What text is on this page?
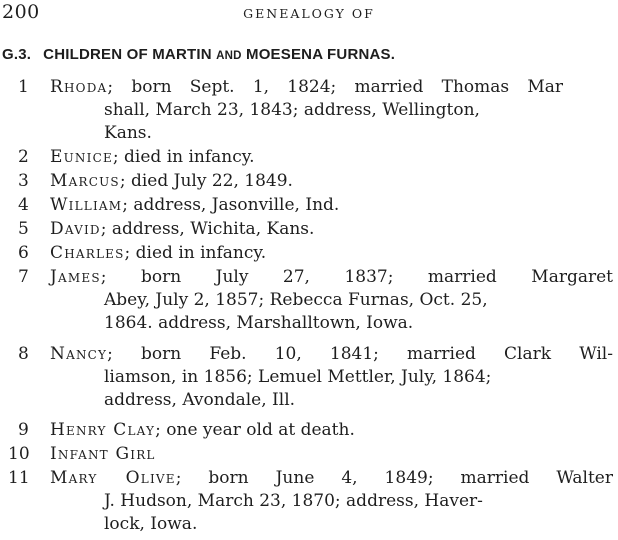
200	GENEALOGY OF
G.3. CHILDREN OF MARTIN AND MOESENA FURNAS.
1 Rhoda; born Sept. 1, 1824; married Thomas Mar
shall, March 23, 1843; address, Wellington,
Kans.
2 Eunice; died in infancy.
3 Marcus; died July 22, 1849.
4 William; address, Jasonville, Ind.
5 David; address, Wichita, Kans.
6 Charles; died in infancy.
7 James; born July 27, 1837; married Margaret
Abey, July 2, 1857; Rebecca Furnas, Oct. 25,
1864. address, Marshalltown, Iowa.
8 Nancy; born Feb. 10, 1841; married Clark Wil-
liamson, in 1856; Lemuel Mettler, July, 1864;
address, Avondale, Ill.
9 Henry Clay; one year old at death.
10 Infant Girl
11 Mary Olive; born June 4, 1849; married Walter
J. Hudson, March 23, 1870; address, Haver-
lock, Iowa.
